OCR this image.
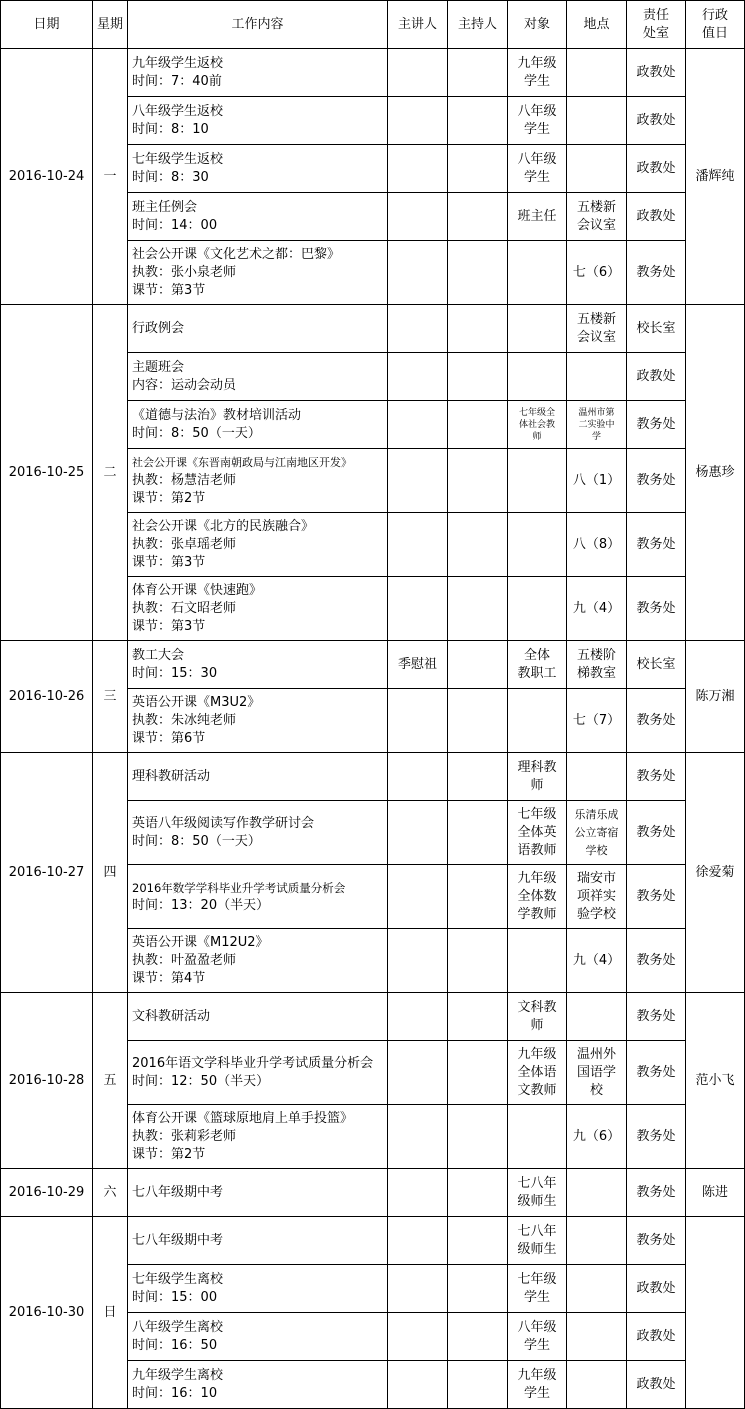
日期	星期	工作内容	主讲人	主持人	对象	地点	责任
处室	行政
值日

2016-10-24	一	九年级学生返校
时间：7：40前			九年级
学生		政教处	潘辉纯

		八年级学生返校
时间：8：10			八年级
学生		政教处	

		七年级学生返校
时间：8：30			八年级
学生		政教处	

		班主任例会
时间：14：00			班主任	五楼新
会议室	政教处	

		社会公开课《文化艺术之都：巴黎》
执教：张小泉老师
课节：第3节				七（6）	教务处	
2016-10-25	二	行政例会				五楼新
会议室	校长室	杨惠珍

		主题班会
内容：运动会动员					政教处	

		《道德与法治》教材培训活动
时间：8：50（一天）			七年级全
体社会教
师	温州市第
二实验中
学	教务处	

		社会公开课《东晋南朝政局与江南地区开发》
执教：杨慧洁老师
课节：第2节				八（1）	教务处	

		社会公开课《北方的民族融合》
执教：张卓瑶老师
课节：第3节				八（8）	教务处	

		体育公开课《快速跑》
执教：石文昭老师
课节：第3节				九（4）	教务处	
2016-10-26	三	教工大会
时间：15：30	季慰祖		全体
教职工	五楼阶
梯教室	校长室	陈万湘

		英语公开课《M3U2》
执教：朱冰纯老师
课节：第6节				七（7）	教务处	
2016-10-27	四	理科教研活动			理科教
师		教务处	徐爱菊

		英语八年级阅读写作教学研讨会
时间：8：50（一天）			七年级
全体英
语教师	乐清乐成
公立寄宿
学校	教务处	

		2016年数学学科毕业升学考试质量分析会
时间：13：20（半天）			九年级
全体数
学教师	瑞安市
项祥实
验学校	教务处	

		英语公开课《M12U2》
执教：叶盈盈老师
课节：第4节				九（4）	教务处	
2016-10-28	五	文科教研活动			文科教
师		教务处	范小飞

		2016年语文学科毕业升学考试质量分析会
时间：12：50（半天）			九年级
全体语
文教师	温州外
国语学
校	教务处	

		体育公开课《篮球原地肩上单手投篮》
执教：张莉彩老师
课节：第2节				九（6）	教务处	
2016-10-29	六	七八年级期中考			七八年
级师生		教务处	陈进
2016-10-30	日	七八年级期中考			七八年
级师生		教务处	

		七年级学生离校
时间：15：00			七年级
学生		政教处	

		八年级学生离校
时间：16：50			八年级
学生		政教处	

		九年级学生离校
时间：16：10			九年级
学生		政教处	
